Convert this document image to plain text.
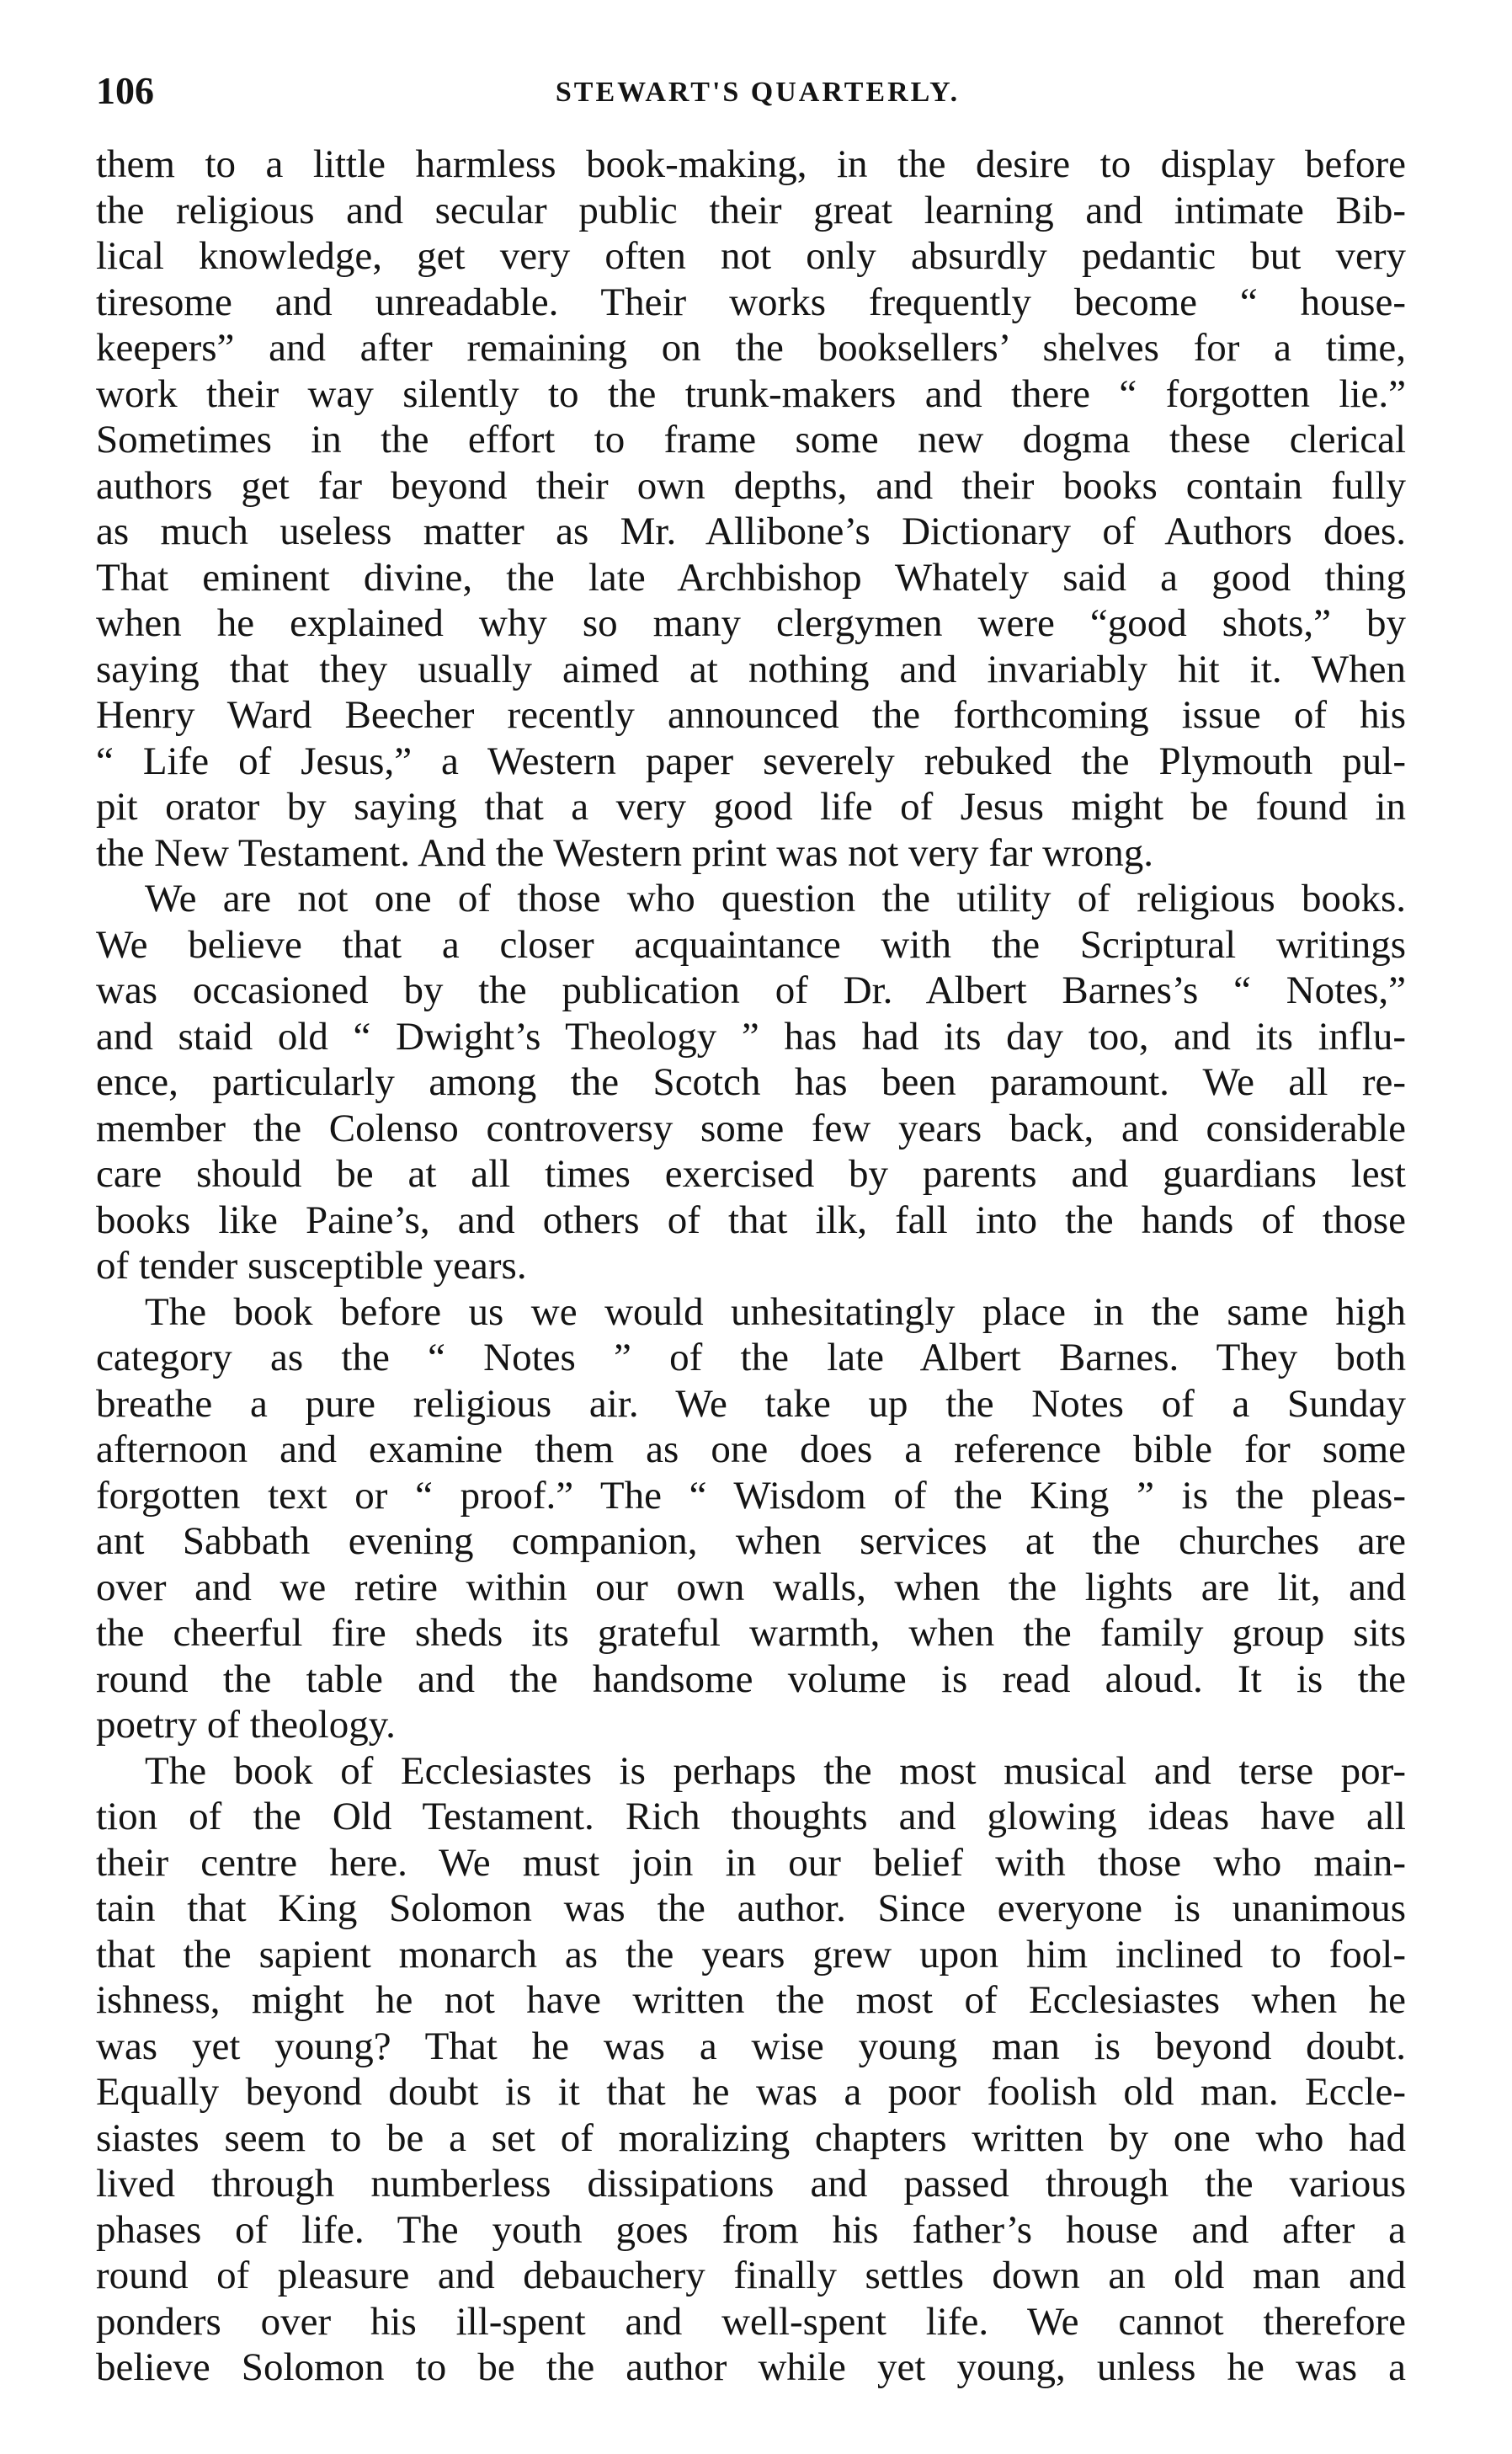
106	STEWART'S QUARTERLY.
them to a little harmless book-making, in the desire to display before
the religious and secular public their great learning and intimate Bib-
lical knowledge, get very often not only absurdly pedantic but very
tiresome and unreadable. Their works frequently become “ house-
keepers” and after remaining on the booksellers’ shelves for a time,
work their way silently to the trunk-makers and there “ forgotten lie.”
Sometimes in the effort to frame some new dogma these clerical
authors get far beyond their own depths, and their books contain fully
as much useless matter as Mr. Allibone’s Dictionary of Authors does.
That eminent divine, the late Archbishop Whately said a good thing
when he explained why so many clergymen were “good shots,” by
saying that they usually aimed at nothing and invariably hit it. When
Henry Ward Beecher recently announced the forthcoming issue of his
“ Life of Jesus,” a Western paper severely rebuked the Plymouth pul-
pit orator by saying that a very good life of Jesus might be found in
the New Testament. And the Western print was not very far wrong.
We are not one of those who question the utility of religious books.
We believe that a closer acquaintance with the Scriptural writings
was occasioned by the publication of Dr. Albert Barnes’s “ Notes,”
and staid old “ Dwight’s Theology ” has had its day too, and its influ-
ence, particularly among the Scotch has been paramount. We all re-
member the Colenso controversy some few years back, and considerable
care should be at all times exercised by parents and guardians lest
books like Paine’s, and others of that ilk, fall into the hands of those
of tender susceptible years.
The book before us we would unhesitatingly place in the same high
category as the “ Notes ” of the late Albert Barnes. They both
breathe a pure religious air. We take up the Notes of a Sunday
afternoon and examine them as one does a reference bible for some
forgotten text or “ proof.” The “ Wisdom of the King ” is the pleas-
ant Sabbath evening companion, when services at the churches are
over and we retire within our own walls, when the lights are lit, and
the cheerful fire sheds its grateful warmth, when the family group sits
round the table and the handsome volume is read aloud. It is the
poetry of theology.
The book of Ecclesiastes is perhaps the most musical and terse por-
tion of the Old Testament. Rich thoughts and glowing ideas have all
their centre here. We must join in our belief with those who main-
tain that King Solomon was the author. Since everyone is unanimous
that the sapient monarch as the years grew upon him inclined to fool-
ishness, might he not have written the most of Ecclesiastes when he
was yet young? That he was a wise young man is beyond doubt.
Equally beyond doubt is it that he was a poor foolish old man. Eccle-
siastes seem to be a set of moralizing chapters written by one who had
lived through numberless dissipations and passed through the various
phases of life. The youth goes from his father’s house and after a
round of pleasure and debauchery finally settles down an old man and
ponders over his ill-spent and well-spent life. We cannot therefore
believe Solomon to be the author while yet young, unless he was a
